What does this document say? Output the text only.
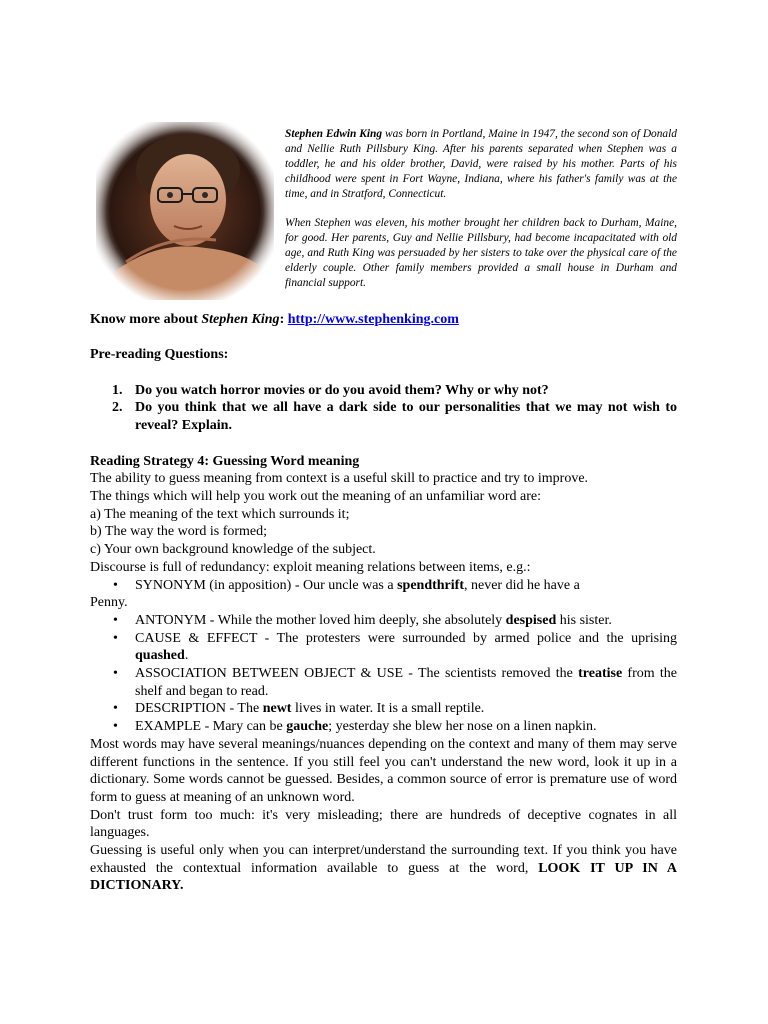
Stephen Edwin King was born in Portland, Maine in 1947, the second son of Donald and Nellie Ruth Pillsbury King. After his parents separated when Stephen was a toddler, he and his older brother, David, were raised by his mother. Parts of his childhood were spent in Fort Wayne, Indiana, where his father's family was at the time, and in Stratford, Connecticut.

When Stephen was eleven, his mother brought her children back to Durham, Maine, for good. Her parents, Guy and Nellie Pillsbury, had become incapacitated with old age, and Ruth King was persuaded by her sisters to take over the physical care of the elderly couple. Other family members provided a small house in Durham and financial support.

Know more about Stephen King: http://www.stephenking.com

Pre-reading Questions:

1. Do you watch horror movies or do you avoid them? Why or why not?
2. Do you think that we all have a dark side to our personalities that we may not wish to reveal? Explain.

Reading Strategy 4: Guessing Word meaning

The ability to guess meaning from context is a useful skill to practice and try to improve.

The things which will help you work out the meaning of an unfamiliar word are:

a) The meaning of the text which surrounds it;

b) The way the word is formed;

c) Your own background knowledge of the subject.

Discourse is full of redundancy: exploit meaning relations between items, e.g.:

• SYNONYM (in apposition) - Our uncle was a spendthrift, never did he have a

Penny.

• ANTONYM - While the mother loved him deeply, she absolutely despised his sister.
• CAUSE & EFFECT - The protesters were surrounded by armed police and the uprising quashed.
• ASSOCIATION BETWEEN OBJECT & USE - The scientists removed the treatise from the shelf and began to read.
• DESCRIPTION - The newt lives in water. It is a small reptile.
• EXAMPLE - Mary can be gauche; yesterday she blew her nose on a linen napkin.

Most words may have several meanings/nuances depending on the context and many of them may serve different functions in the sentence. If you still feel you can't understand the new word, look it up in a dictionary. Some words cannot be guessed. Besides, a common source of error is premature use of word form to guess at meaning of an unknown word.

Don't trust form too much: it's very misleading; there are hundreds of deceptive cognates in all languages.

Guessing is useful only when you can interpret/understand the surrounding text. If you think you have exhausted the contextual information available to guess at the word, LOOK IT UP IN A DICTIONARY.
